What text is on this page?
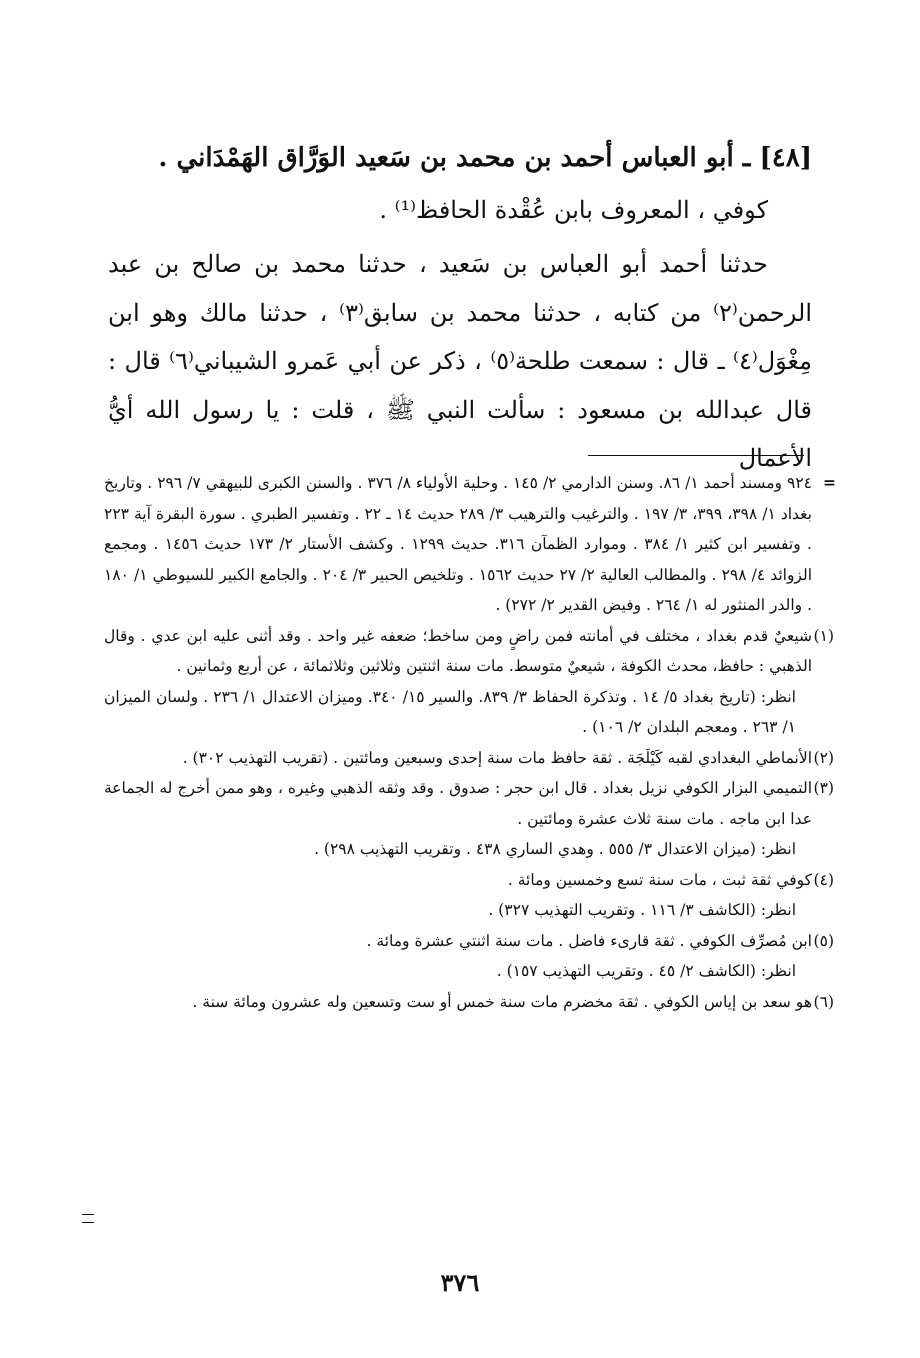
[٤٨] ـ أبو العباس أحمد بن محمد بن سَعيد الوَرَّاق الهَمْدَاني .
كوفي ، المعروف بابن عُقْدة الحافظ⁽¹⁾ .

حدثنا أحمد أبو العباس بن سَعيد ، حدثنا محمد بن صالح بن عبد الرحمن⁽٢⁾ من كتابه ، حدثنا محمد بن سابق⁽٣⁾ ، حدثنا مالك وهو ابن مِغْوَل⁽٤⁾ ـ قال : سمعت طلحة⁽٥⁾ ، ذكر عن أبي عَمرو الشيباني⁽٦⁾ قال : قال عبدالله بن مسعود : سألت النبي ﷺ ، قلت : يا رسول الله أيُّ الأعمال

=
٩٢٤ ومسند أحمد ١/ ٨٦. وسنن الدارمي ٢/ ١٤٥ . وحلية الأولياء ٨/ ٣٧٦ . والسنن الكبرى للبيهقي ٧/ ٢٩٦ . وتاريخ بغداد ١/ ٣٩٨، ٣٩٩، ٣/ ١٩٧ . والترغيب والترهيب ٣/ ٢٨٩ حديث ١٤ ـ ٢٢ . وتفسير الطبري . سورة البقرة آية ٢٢٣ . وتفسير ابن كثير ١/ ٣٨٤ . وموارد الظمآن ٣١٦. حديث ١٢٩٩ . وكشف الأستار ٢/ ١٧٣ حديث ١٤٥٦ . ومجمع الزوائد ٤/ ٢٩٨ . والمطالب العالية ٢/ ٢٧ حديث ١٥٦٢ . وتلخيص الحبير ٣/ ٢٠٤ . والجامع الكبير للسيوطي ١/ ١٨٠ . والدر المنثور له ١/ ٢٦٤ . وفيض القدير ٢/ ٢٧٢) .
(١)
شيعيٌ قدم بغداد ، مختلف في أمانته فمن راضٍ ومن ساخط؛ ضعفه غير واحد . وقد أثنى عليه ابن عدي . وقال الذهبي : حافظ، محدث الكوفة ، شيعيٌ متوسط. مات سنة اثنتين وثلاثين وثلاثمائة ، عن أربع وثمانين .

انظر: (تاريخ بغداد ٥/ ١٤ . وتذكرة الحفاظ ٣/ ٨٣٩. والسير ١٥/ ٣٤٠. وميزان الاعتدال ١/ ٢٣٦ . ولسان الميزان ١/ ٢٦٣ . ومعجم البلدان ٢/ ١٠٦) .

(٢)
الأنماطي البغدادي لقبه كَيْلَجَة . ثقة حافظ مات سنة إحدى وسبعين ومائتين . (تقريب التهذيب ٣٠٢) .
(٣)
التميمي البزار الكوفي نزيل بغداد . قال ابن حجر : صدوق . وقد وثقه الذهبي وغيره ، وهو ممن أخرج له الجماعة عدا ابن ماجه . مات سنة ثلاث عشرة ومائتين .

انظر: (ميزان الاعتدال ٣/ ٥٥٥ . وهدي الساري ٤٣٨ . وتقريب التهذيب ٢٩٨) .

(٤)
كوفي ثقة ثبت ، مات سنة تسع وخمسين ومائة .

انظر: (الكاشف ٣/ ١١٦ . وتقريب التهذيب ٣٢٧) .

(٥)
ابن مُصرِّف الكوفي . ثقة قارىء فاضل . مات سنة اثنتي عشرة ومائة .

انظر: (الكاشف ٢/ ٤٥ . وتقريب التهذيب ١٥٧) .

(٦)
هو سعد بن إياس الكوفي . ثقة مخضرم مات سنة خمس أو ست وتسعين وله عشرون ومائة سنة .
٣٧٦
